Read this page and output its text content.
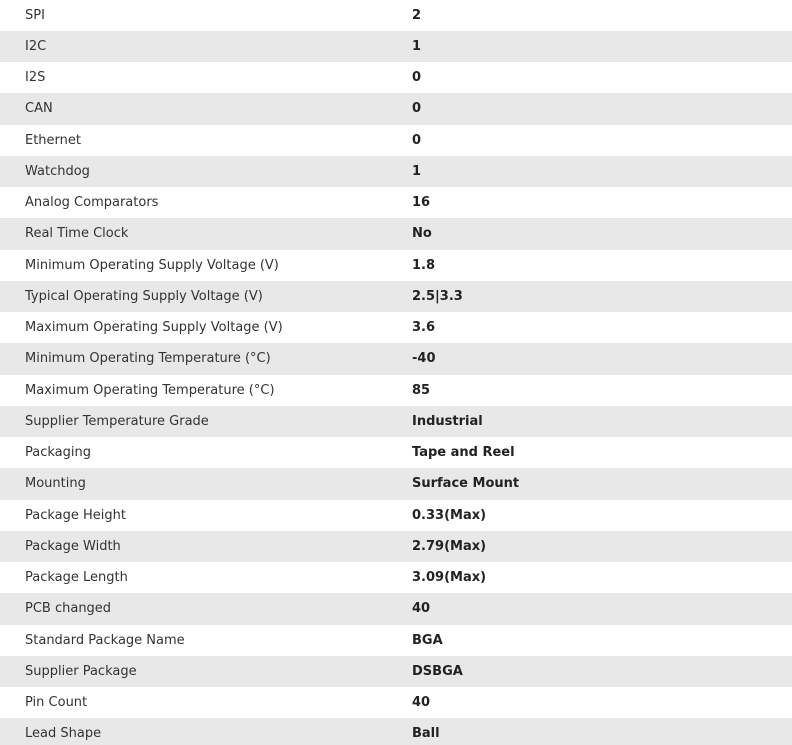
SPI	2
I2C	1
I2S	0
CAN	0
Ethernet	0
Watchdog	1
Analog Comparators	16
Real Time Clock	No
Minimum Operating Supply Voltage (V)	1.8
Typical Operating Supply Voltage (V)	2.5|3.3
Maximum Operating Supply Voltage (V)	3.6
Minimum Operating Temperature (°C)	-40
Maximum Operating Temperature (°C)	85
Supplier Temperature Grade	Industrial
Packaging	Tape and Reel
Mounting	Surface Mount
Package Height	0.33(Max)
Package Width	2.79(Max)
Package Length	3.09(Max)
PCB changed	40
Standard Package Name	BGA
Supplier Package	DSBGA
Pin Count	40
Lead Shape	Ball
